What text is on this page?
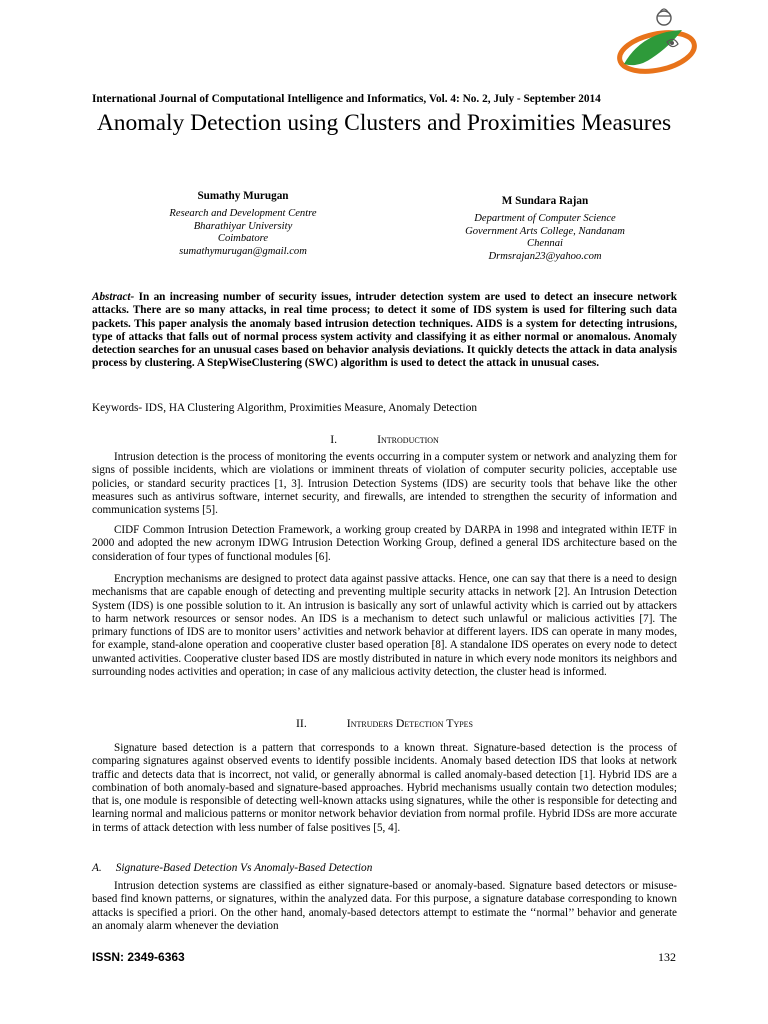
International Journal of Computational Intelligence and Informatics, Vol. 4: No. 2, July - September 2014
Anomaly Detection using Clusters and Proximities Measures
Sumathy Murugan
Research and Development Centre
Bharathiyar University
Coimbatore
sumathymurugan@gmail.com
M Sundara Rajan
Department of Computer Science
Government Arts College, Nandanam
Chennai
Drmsrajan23@yahoo.com
Abstract- In an increasing number of security issues, intruder detection system are used to detect an insecure network attacks. There are so many attacks, in real time process; to detect it some of IDS system is used for filtering such data packets. This paper analysis the anomaly based intrusion detection techniques. AIDS is a system for detecting intrusions, type of attacks that falls out of normal process system activity and classifying it as either normal or anomalous. Anomaly detection searches for an unusual cases based on behavior analysis deviations. It quickly detects the attack in data analysis process by clustering. A StepWiseClustering (SWC) algorithm is used to detect the attack in unusual cases.
Keywords- IDS, HA Clustering Algorithm, Proximities Measure, Anomaly Detection
I.	Introduction
Intrusion detection is the process of monitoring the events occurring in a computer system or network and analyzing them for signs of possible incidents, which are violations or imminent threats of violation of computer security policies, acceptable use policies, or standard security practices [1, 3]. Intrusion Detection Systems (IDS) are security tools that behave like the other measures such as antivirus software, internet security, and firewalls, are intended to strengthen the security of information and communication systems [5].
CIDF Common Intrusion Detection Framework, a working group created by DARPA in 1998 and integrated within IETF in 2000 and adopted the new acronym IDWG Intrusion Detection Working Group, defined a general IDS architecture based on the consideration of four types of functional modules [6].
Encryption mechanisms are designed to protect data against passive attacks. Hence, one can say that there is a need to design mechanisms that are capable enough of detecting and preventing multiple security attacks in network [2]. An Intrusion Detection System (IDS) is one possible solution to it. An intrusion is basically any sort of unlawful activity which is carried out by attackers to harm network resources or sensor nodes. An IDS is a mechanism to detect such unlawful or malicious activities [7]. The primary functions of IDS are to monitor users’ activities and network behavior at different layers. IDS can operate in many modes, for example, stand-alone operation and cooperative cluster based operation [8]. A standalone IDS operates on every node to detect unwanted activities. Cooperative cluster based IDS are mostly distributed in nature in which every node monitors its neighbors and surrounding nodes activities and operation; in case of any malicious activity detection, the cluster head is informed.
II.	Intruders Detection Types
Signature based detection is a pattern that corresponds to a known threat. Signature-based detection is the process of comparing signatures against observed events to identify possible incidents. Anomaly based detection IDS that looks at network traffic and detects data that is incorrect, not valid, or generally abnormal is called anomaly-based detection [1]. Hybrid IDS are a combination of both anomaly-based and signature-based approaches. Hybrid mechanisms usually contain two detection modules; that is, one module is responsible of detecting well-known attacks using signatures, while the other is responsible for detecting and learning normal and malicious patterns or monitor network behavior deviation from normal profile. Hybrid IDSs are more accurate in terms of attack detection with less number of false positives [5, 4].
A. Signature-Based Detection Vs Anomaly-Based Detection
Intrusion detection systems are classified as either signature-based or anomaly-based. Signature based detectors or misuse-based find known patterns, or signatures, within the analyzed data. For this purpose, a signature database corresponding to known attacks is specified a priori. On the other hand, anomaly-based detectors attempt to estimate the ‘‘normal’’ behavior and generate an anomaly alarm whenever the deviation
ISSN: 2349-6363	132
